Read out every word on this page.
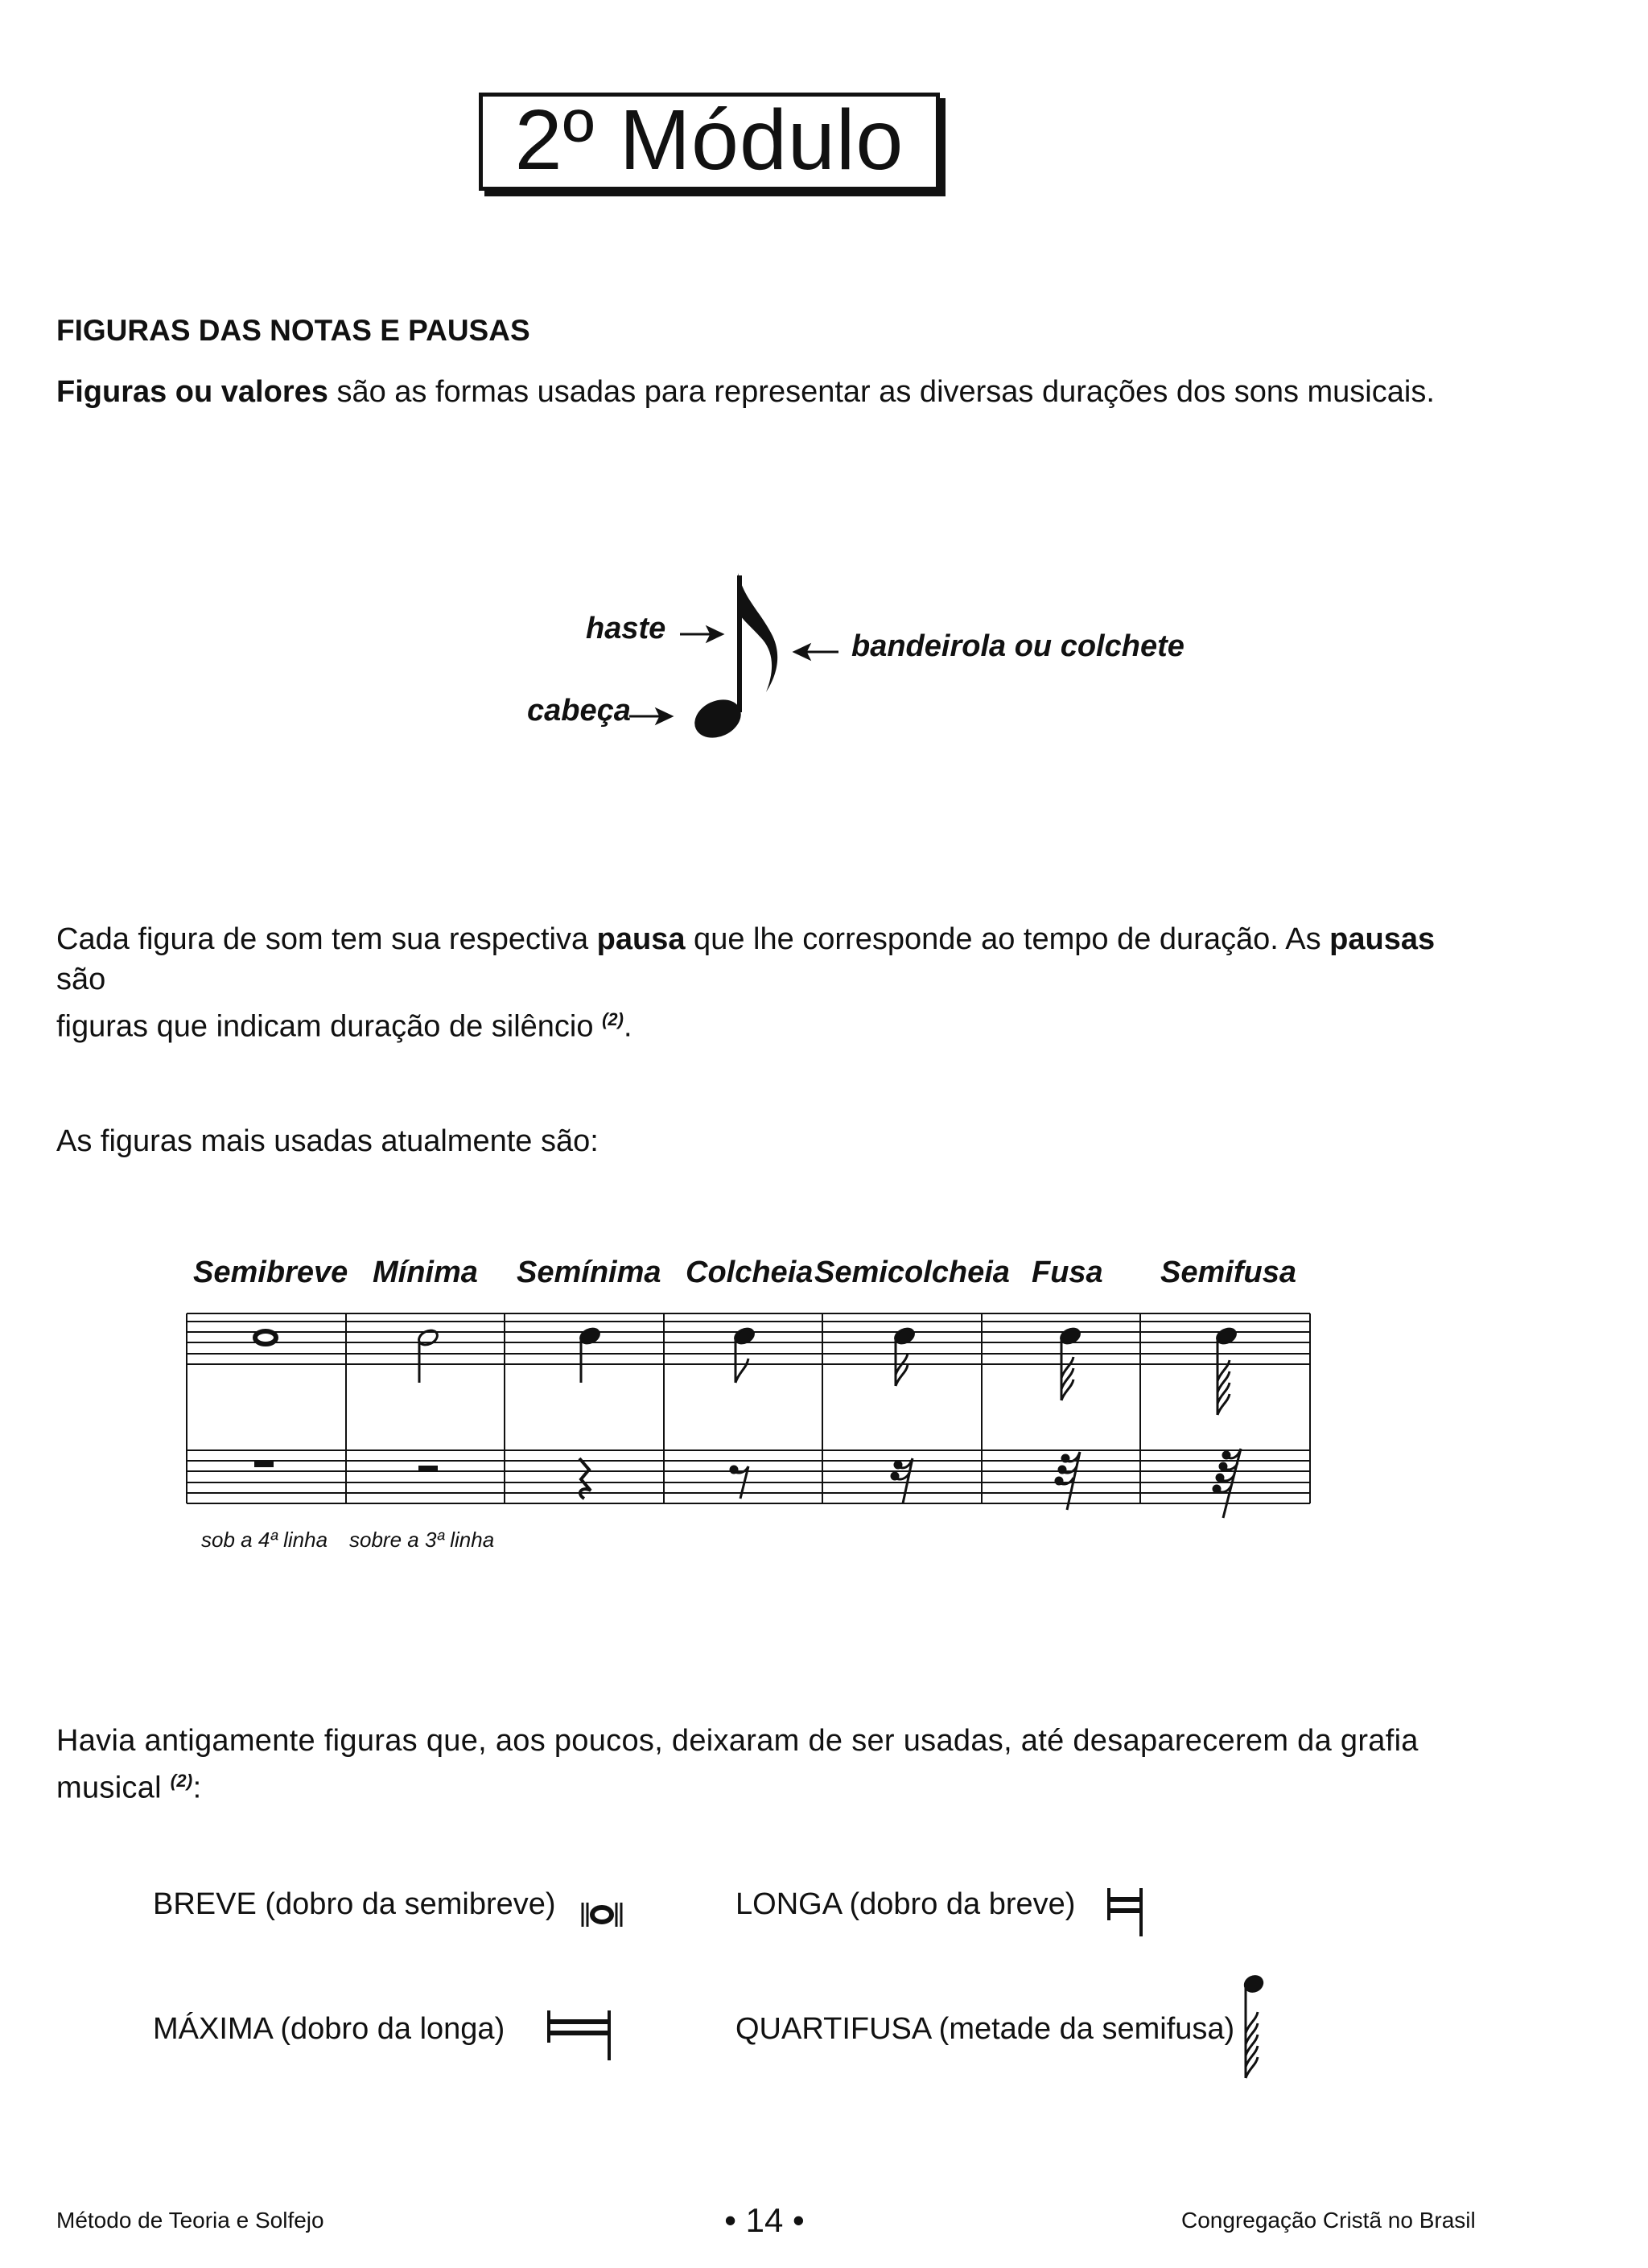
2º Módulo
FIGURAS DAS NOTAS E PAUSAS
Figuras ou valores são as formas usadas para representar as diversas durações dos sons musicais.
haste
cabeça
bandeirola ou colchete
Cada figura de som tem sua respectiva pausa que lhe corresponde ao tempo de duração. As pausas são
figuras que indicam duração de silêncio $^{(2)}$.
As figuras mais usadas atualmente são:
Semibreve Mínima Semínima Colcheia Semicolcheia Fusa Semifusa
sob a 4ª linha sobre a 3ª linha
Havia antigamente figuras que, aos poucos, deixaram de ser usadas, até desaparecerem da grafia
musical $^{(2)}$:
BREVE (dobro da semibreve)	LONGA (dobro da breve)
MÁXIMA (dobro da longa)	QUARTIFUSA (metade da semifusa)
Método de Teoria e Solfejo	• 14 •	Congregação Cristã no Brasil
